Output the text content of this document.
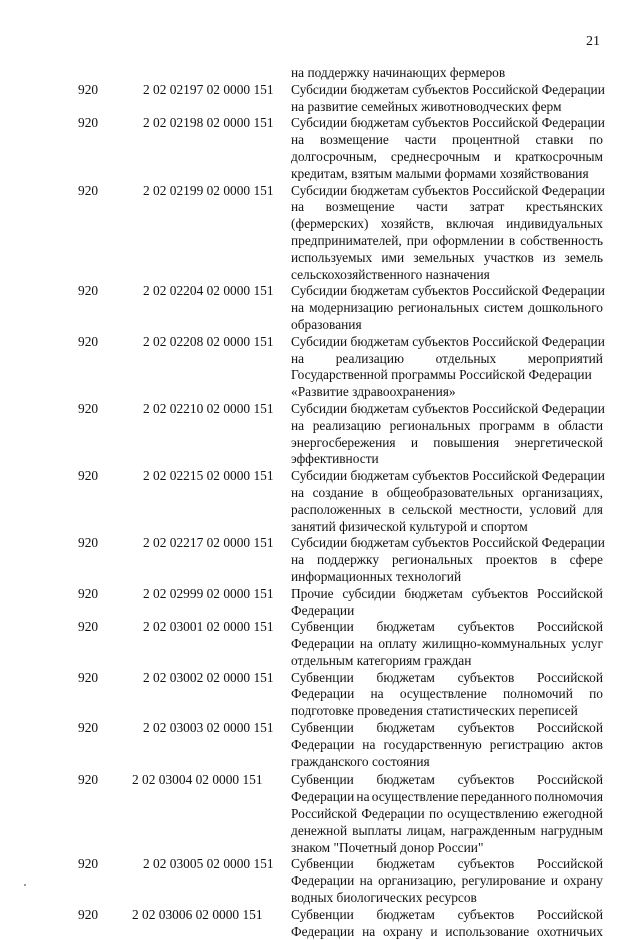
21
на поддержку начинающих фермеров
920	2 02 02197 02 0000 151 Субсидии бюджетам субъектов Российской Федерации
на развитие семейных животноводческих ферм
920	2 02 02198 02 0000 151 Субсидии бюджетам субъектов Российской Федерации
на возмещение части процентной ставки по
долгосрочным, среднесрочным и краткосрочным
кредитам, взятым малыми формами хозяйствования
920	2 02 02199 02 0000 151 Субсидии бюджетам субъектов Российской Федерации
на возмещение части затрат крестьянских
(фермерских) хозяйств, включая индивидуальных
предпринимателей, при оформлении в собственность
используемых ими земельных участков из земель
сельскохозяйственного назначения
920	2 02 02204 02 0000 151 Субсидии бюджетам субъектов Российской Федерации
на модернизацию региональных систем дошкольного
образования
920	2 02 02208 02 0000 151 Субсидии бюджетам субъектов Российской Федерации
на реализацию отдельных мероприятий
Государственной программы Российской Федерации
«Развитие здравоохранения»
920	2 02 02210 02 0000 151 Субсидии бюджетам субъектов Российской Федерации
на реализацию региональных программ в области
энергосбережения и повышения энергетической
эффективности
920	2 02 02215 02 0000 151 Субсидии бюджетам субъектов Российской Федерации
на создание в общеобразовательных организациях,
расположенных в сельской местности, условий для
занятий физической культурой и спортом
920	2 02 02217 02 0000 151 Субсидии бюджетам субъектов Российской Федерации
на поддержку региональных проектов в сфере
информационных технологий
920	2 02 02999 02 0000 151 Прочие субсидии бюджетам субъектов Российской
Федерации
920	2 02 03001 02 0000 151 Субвенции бюджетам субъектов Российской
Федерации на оплату жилищно-коммунальных услуг
отдельным категориям граждан
920	2 02 03002 02 0000 151 Субвенции бюджетам субъектов Российской
Федерации на осуществление полномочий по
подготовке проведения статистических переписей
920	2 02 03003 02 0000 151 Субвенции бюджетам субъектов Российской
Федерации на государственную регистрацию актов
гражданского состояния
920	2 02 03004 02 0000 151 Субвенции бюджетам субъектов Российской
Федерации на осуществление переданного полномочия
Российской Федерации по осуществлению ежегодной
денежной выплаты лицам, награжденным нагрудным
знаком "Почетный донор России"
920	2 02 03005 02 0000 151 Субвенции бюджетам субъектов Российской
Федерации на организацию, регулирование и охрану
водных биологических ресурсов
920	2 02 03006 02 0000 151 Субвенции бюджетам субъектов Российской
Федерации на охрану и использование охотничьих
